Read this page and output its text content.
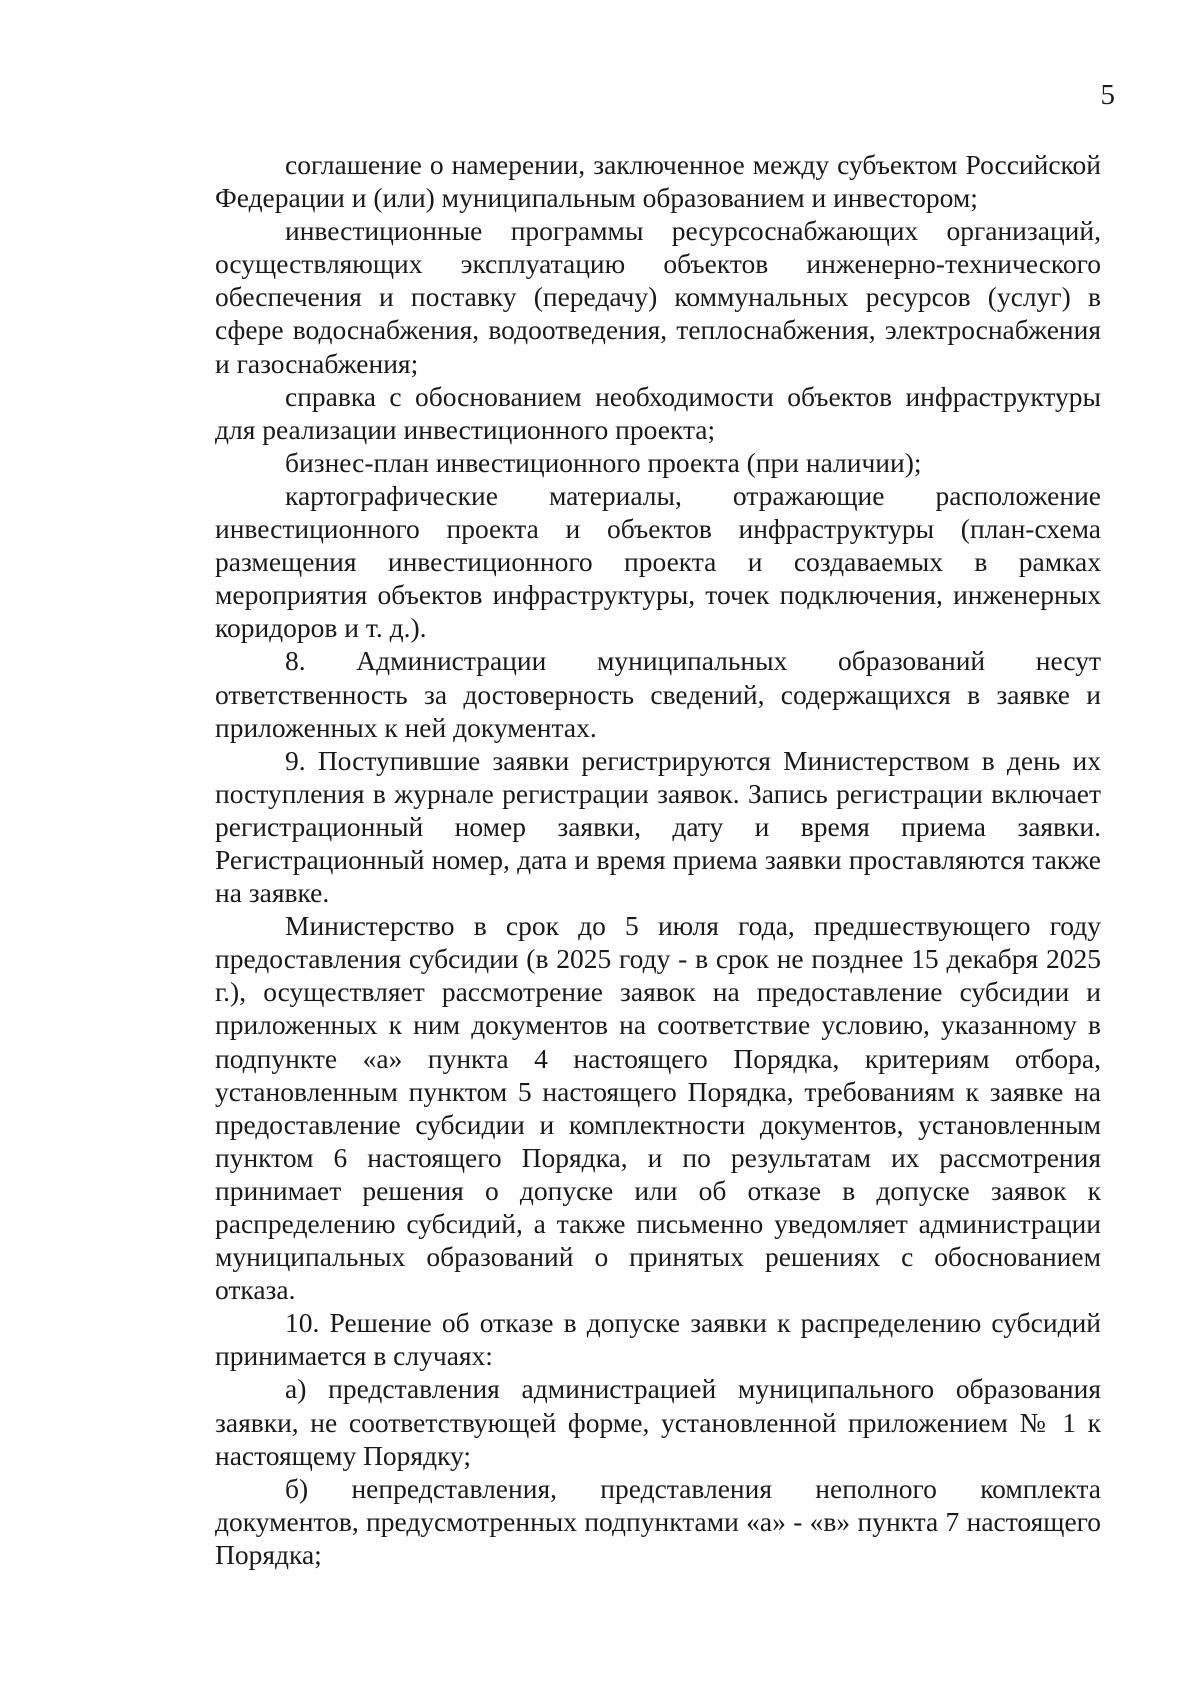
5

соглашение о намерении, заключенное между субъектом Российской Федерации и (или) муниципальным образованием и инвестором;

инвестиционные программы ресурсоснабжающих организаций, осуществляющих эксплуатацию объектов инженерно-технического обеспечения и поставку (передачу) коммунальных ресурсов (услуг) в сфере водоснабжения, водоотведения, теплоснабжения, электроснабжения и газоснабжения;

справка с обоснованием необходимости объектов инфраструктуры для реализации инвестиционного проекта;

бизнес-план инвестиционного проекта (при наличии);

картографические материалы, отражающие расположение инвестиционного проекта и объектов инфраструктуры (план-схема размещения инвестиционного проекта и создаваемых в рамках мероприятия объектов инфраструктуры, точек подключения, инженерных коридоров и т. д.).

8. Администрации муниципальных образований несут ответственность за достоверность сведений, содержащихся в заявке и приложенных к ней документах.

9. Поступившие заявки регистрируются Министерством в день их поступления в журнале регистрации заявок. Запись регистрации включает регистрационный номер заявки, дату и время приема заявки. Регистрационный номер, дата и время приема заявки проставляются также на заявке.

Министерство в срок до 5 июля года, предшествующего году предоставления субсидии (в 2025 году - в срок не позднее 15 декабря 2025 г.), осуществляет рассмотрение заявок на предоставление субсидии и приложенных к ним документов на соответствие условию, указанному в подпункте «а» пункта 4 настоящего Порядка, критериям отбора, установленным пунктом 5 настоящего Порядка, требованиям к заявке на предоставление субсидии и комплектности документов, установленным пунктом 6 настоящего Порядка, и по результатам их рассмотрения принимает решения о допуске или об отказе в допуске заявок к распределению субсидий, а также письменно уведомляет администрации муниципальных образований о принятых решениях с обоснованием отказа.

10. Решение об отказе в допуске заявки к распределению субсидий принимается в случаях:

а) представления администрацией муниципального образования заявки, не соответствующей форме, установленной приложением № 1 к настоящему Порядку;

б) непредставления, представления неполного комплекта документов, предусмотренных подпунктами «а» - «в» пункта 7 настоящего Порядка;
